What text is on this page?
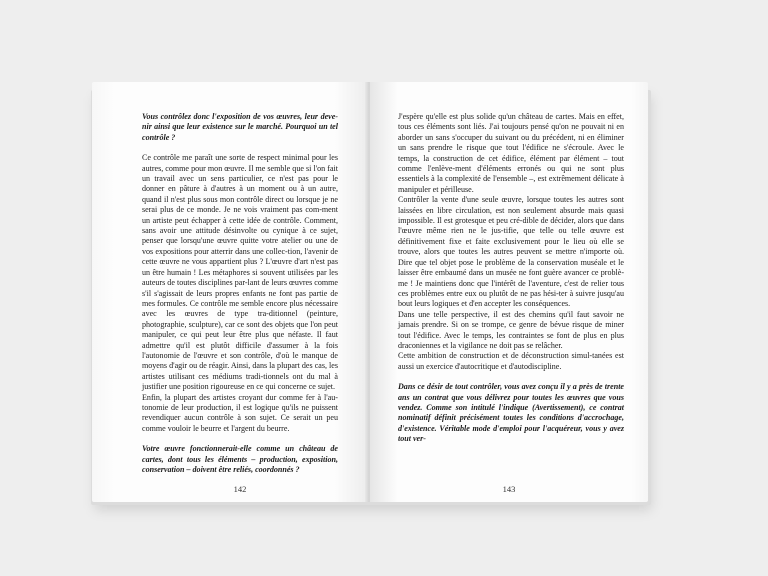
Vous contrôlez donc l'exposition de vos œuvres, leur deve-nir ainsi que leur existence sur le marché. Pourquoi un tel contrôle ?

Ce contrôle me paraît une sorte de respect minimal pour les autres, comme pour mon œuvre. Il me semble que si l'on fait un travail avec un sens particulier, ce n'est pas pour le donner en pâture à d'autres à un moment ou à un autre, quand il n'est plus sous mon contrôle direct ou lorsque je ne serai plus de ce monde. Je ne vois vraiment pas com-ment un artiste peut échapper à cette idée de contrôle. Comment, sans avoir une attitude désinvolte ou cynique à ce sujet, penser que lorsqu'une œuvre quitte votre atelier ou une de vos expositions pour atterrir dans une collec-tion, l'avenir de cette œuvre ne vous appartient plus ? L'œuvre d'art n'est pas un être humain ! Les métaphores si souvent utilisées par les auteurs de toutes disciplines par-lant de leurs œuvres comme s'il s'agissait de leurs propres enfants ne font pas partie de mes formules. Ce contrôle me semble encore plus nécessaire avec les œuvres de type tra-ditionnel (peinture, photographie, sculpture), car ce sont des objets que l'on peut manipuler, ce qui peut leur être plus que néfaste. Il faut admettre qu'il est plutôt difficile d'assumer à la fois l'autonomie de l'œuvre et son contrôle, d'où le manque de moyens d'agir ou de réagir. Ainsi, dans la plupart des cas, les artistes utilisant ces médiums tradi-tionnels ont du mal à justifier une position rigoureuse en ce qui concerne ce sujet.

Enfin, la plupart des artistes croyant dur comme fer à l'au-tonomie de leur production, il est logique qu'ils ne puissent revendiquer aucun contrôle à son sujet. Ce serait un peu comme vouloir le beurre et l'argent du beurre.

Votre œuvre fonctionnerait-elle comme un château de cartes, dont tous les éléments – production, exposition, conservation – doivent être reliés, coordonnés ?

142

J'espère qu'elle est plus solide qu'un château de cartes. Mais en effet, tous ces éléments sont liés. J'ai toujours pensé qu'on ne pouvait ni en aborder un sans s'occuper du suivant ou du précédent, ni en éliminer un sans prendre le risque que tout l'édifice ne s'écroule. Avec le temps, la construction de cet édifice, élément par élément – tout comme l'enlève-ment d'éléments erronés ou qui ne sont plus essentiels à la complexité de l'ensemble –, est extrêmement délicate à manipuler et périlleuse.

Contrôler la vente d'une seule œuvre, lorsque toutes les autres sont laissées en libre circulation, est non seulement absurde mais quasi impossible. Il est grotesque et peu cré-dible de décider, alors que dans l'œuvre même rien ne le jus-tifie, que telle ou telle œuvre est définitivement fixe et faite exclusivement pour le lieu où elle se trouve, alors que toutes les autres peuvent se mettre n'importe où. Dire que tel objet pose le problème de la conservation muséale et le laisser être embaumé dans un musée ne font guère avancer ce problè-me ! Je maintiens donc que l'intérêt de l'aventure, c'est de relier tous ces problèmes entre eux ou plutôt de ne pas hési-ter à suivre jusqu'au bout leurs logiques et d'en accepter les conséquences.

Dans une telle perspective, il est des chemins qu'il faut savoir ne jamais prendre. Si on se trompe, ce genre de bévue risque de miner tout l'édifice. Avec le temps, les contraintes se font de plus en plus draconiennes et la vigilance ne doit pas se relâcher.

Cette ambition de construction et de déconstruction simul-tanées est aussi un exercice d'autocritique et d'autodiscipline.

Dans ce désir de tout contrôler, vous avez conçu il y a près de trente ans un contrat que vous délivrez pour toutes les œuvres que vous vendez. Comme son intitulé l'indique (Avertissement), ce contrat nominatif définit précisément toutes les conditions d'accrochage, d'existence. Véritable mode d'emploi pour l'acquéreur, vous y avez tout ver-

143
